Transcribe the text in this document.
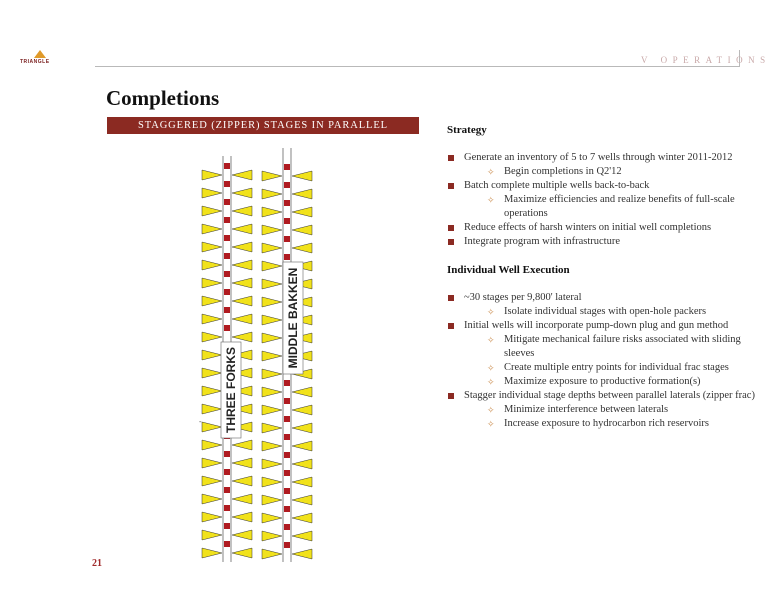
TRIANGLE	V OPERATIONS
Completions
STAGGERED (ZIPPER) STAGES IN PARALLEL LATERALS
THREE FORKS
MIDDLE BAKKEN
-
Strategy
Generate an inventory of 5 to 7 wells through winter 2011-2012
✧ Begin completions in Q2'12
Batch complete multiple wells back-to-back
✧ Maximize efficiencies and realize benefits of full-scale operations
Reduce effects of harsh winters on initial well completions
Integrate program with infrastructure
Individual Well Execution
~30 stages per 9,800' lateral
✧ Isolate individual stages with open-hole packers
Initial wells will incorporate pump-down plug and gun method
✧ Mitigate mechanical failure risks associated with sliding sleeves
✧ Create multiple entry points for individual frac stages
✧ Maximize exposure to productive formation(s)
Stagger individual stage depths between parallel laterals (zipper frac)
✧ Minimize interference between laterals
✧ Increase exposure to hydrocarbon rich reservoirs
21
